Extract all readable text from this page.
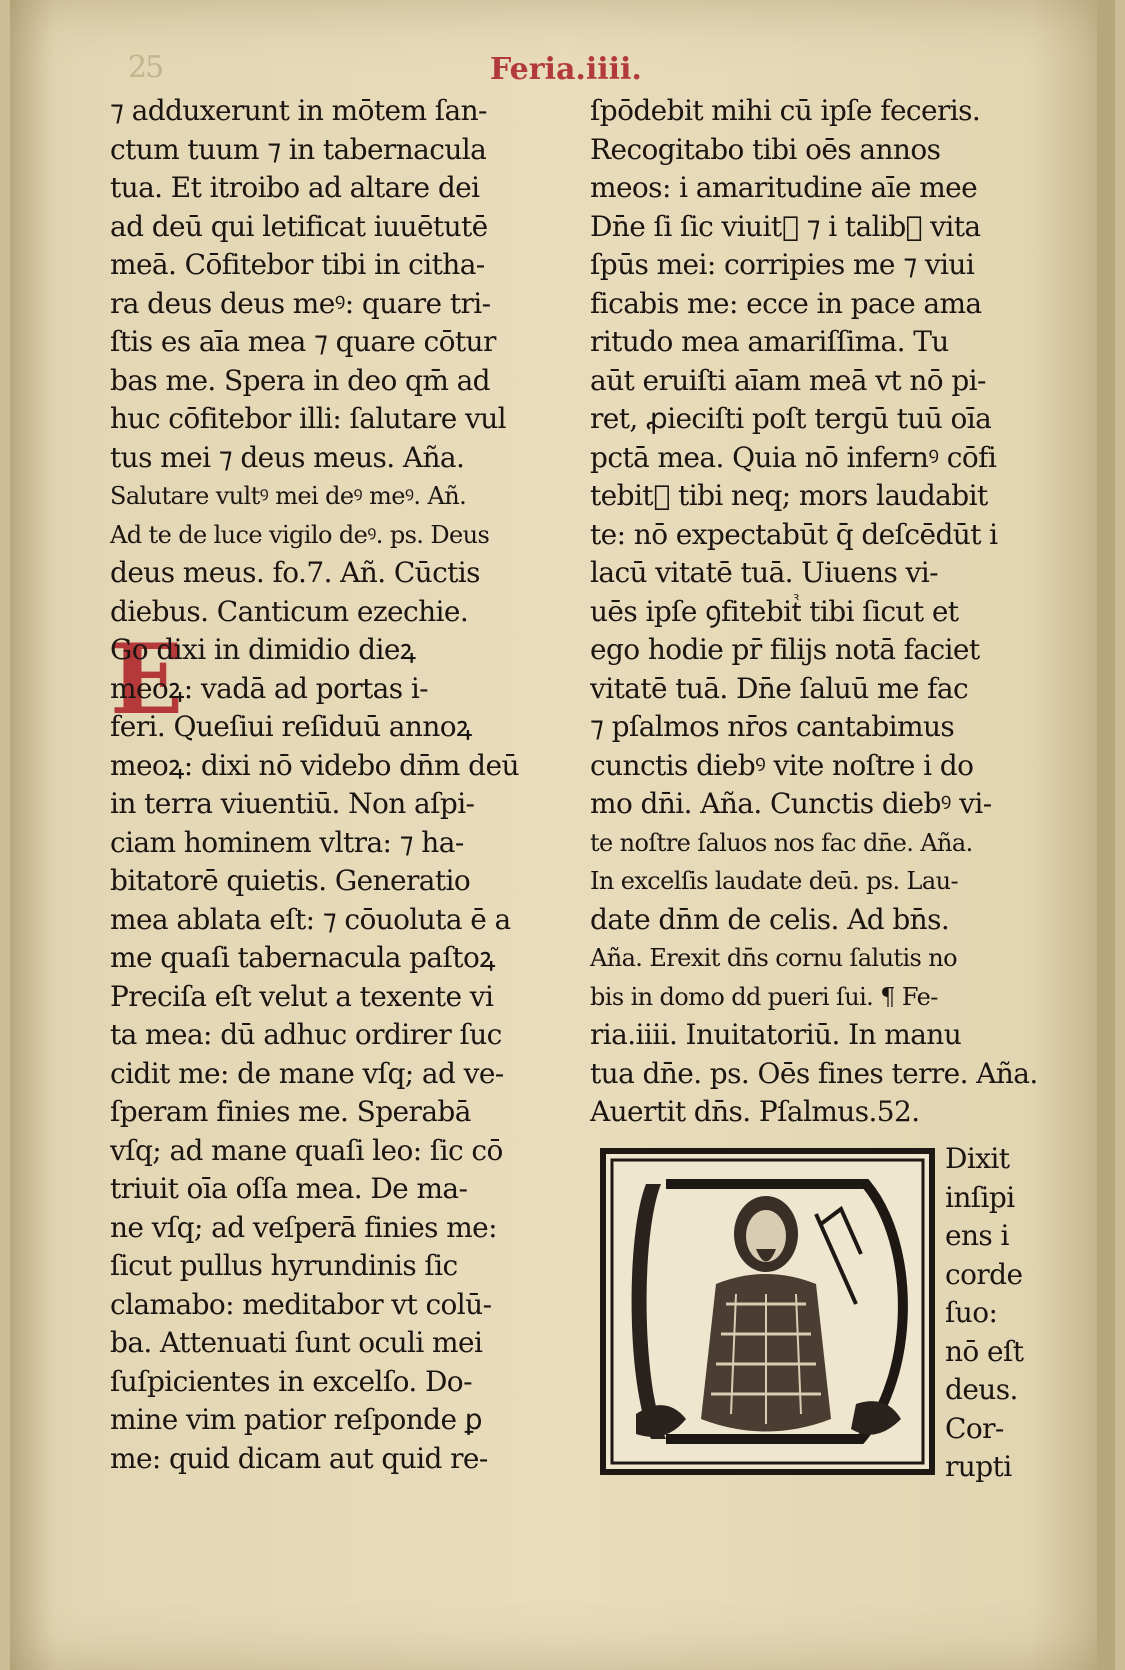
25	Feria.iiii.
E
⁊ adduxerunt in mōtem ſan-
ctum tuum ⁊ in tabernacula
tua. Et itroibo ad altare dei
ad deū qui letificat iuuētutē
meā. Cōfitebor tibi in citha-
ra deus deus meꝰ: quare tri-
ſtis es aīa mea ⁊ quare cōtur
bas me. Spera in deo qm̄ ad
huc cōfitebor illi: ſalutare vul
tus mei ⁊ deus meus. Aña.
Salutare vultꝰ mei deꝰ meꝰ. Añ.
Ad te de luce vigilo deꝰ. ps. Deus
deus meus. fo.7. Añ. Cūctis
diebus. Canticum ezechie.
Go dixi in dimidio dieꝝ
meoꝝ: vadā ad portas i-
feri. Queſiui reſiduū annoꝝ
meoꝝ: dixi nō videbo dn̄m deū
in terra viuentiū. Non aſpi-
ciam hominem vltra: ⁊ ha-
bitatorē quietis. Generatio
mea ablata eſt: ⁊ cōuoluta ē a
me quaſi tabernacula paſtoꝝ
Preciſa eſt velut a texente vi
ta mea: dū adhuc ordirer ſuc
cidit me: de mane vſq; ad ve-
ſperam finies me. Sperabā
vſq; ad mane quaſi leo: ſic cō
triuit oīa oſſa mea. De ma-
ne vſq; ad veſperā finies me:
ſicut pullus hyrundinis ſic
clamabo: meditabor vt colū-
ba. Attenuati ſunt oculi mei
ſuſpicientes in excelſo. Do-
mine vim patior reſponde ꝑ
me: quid dicam aut quid re-
ſpōdebit mihi cū ipſe feceris.
Recogitabo tibi oēs annos
meos: i amaritudine aīe mee
Dn̄e ſi ſic viuitᷣ ⁊ i talibꝰ vita
ſpūs mei: corripies me ⁊ viui
ficabis me: ecce in pace ama
ritudo mea amariſſima. Tu
aūt eruiſti aīam meā vt nō pi-
ret, ꝓieciſti poſt tergū tuū oīa
pctā mea. Quia nō infernꝰ cōfi
tebitᷣ tibi neq; mors laudabit
te: nō expectabūt q̄ deſcēdūt i
lacū vitatē tuā. Uiuens vi-
uēs ipſe ꝯfitebitᷣ tibi ſicut et
ego hodie pr̄ filijs notā faciet
vitatē tuā. Dn̄e ſaluū me fac
⁊ pſalmos nr̄os cantabimus
cunctis diebꝰ vite noſtre i do
mo dn̄i. Aña. Cunctis diebꝰ vi-
te noſtre ſaluos nos fac dn̄e. Aña.
In excelſis laudate deū. ps. Lau-
date dn̄m de celis. Ad bn̄s.
Aña. Erexit dn̄s cornu ſalutis no
bis in domo dd pueri ſui. ¶ Fe-
ria.iiii. Inuitatoriū. In manu
tua dn̄e. ps. Oēs fines terre. Aña.
Auertit dn̄s. Pſalmus.52.
Dixit
inſipi
ens i
corde
ſuo:
nō eſt
deus.
Cor-
rupti
